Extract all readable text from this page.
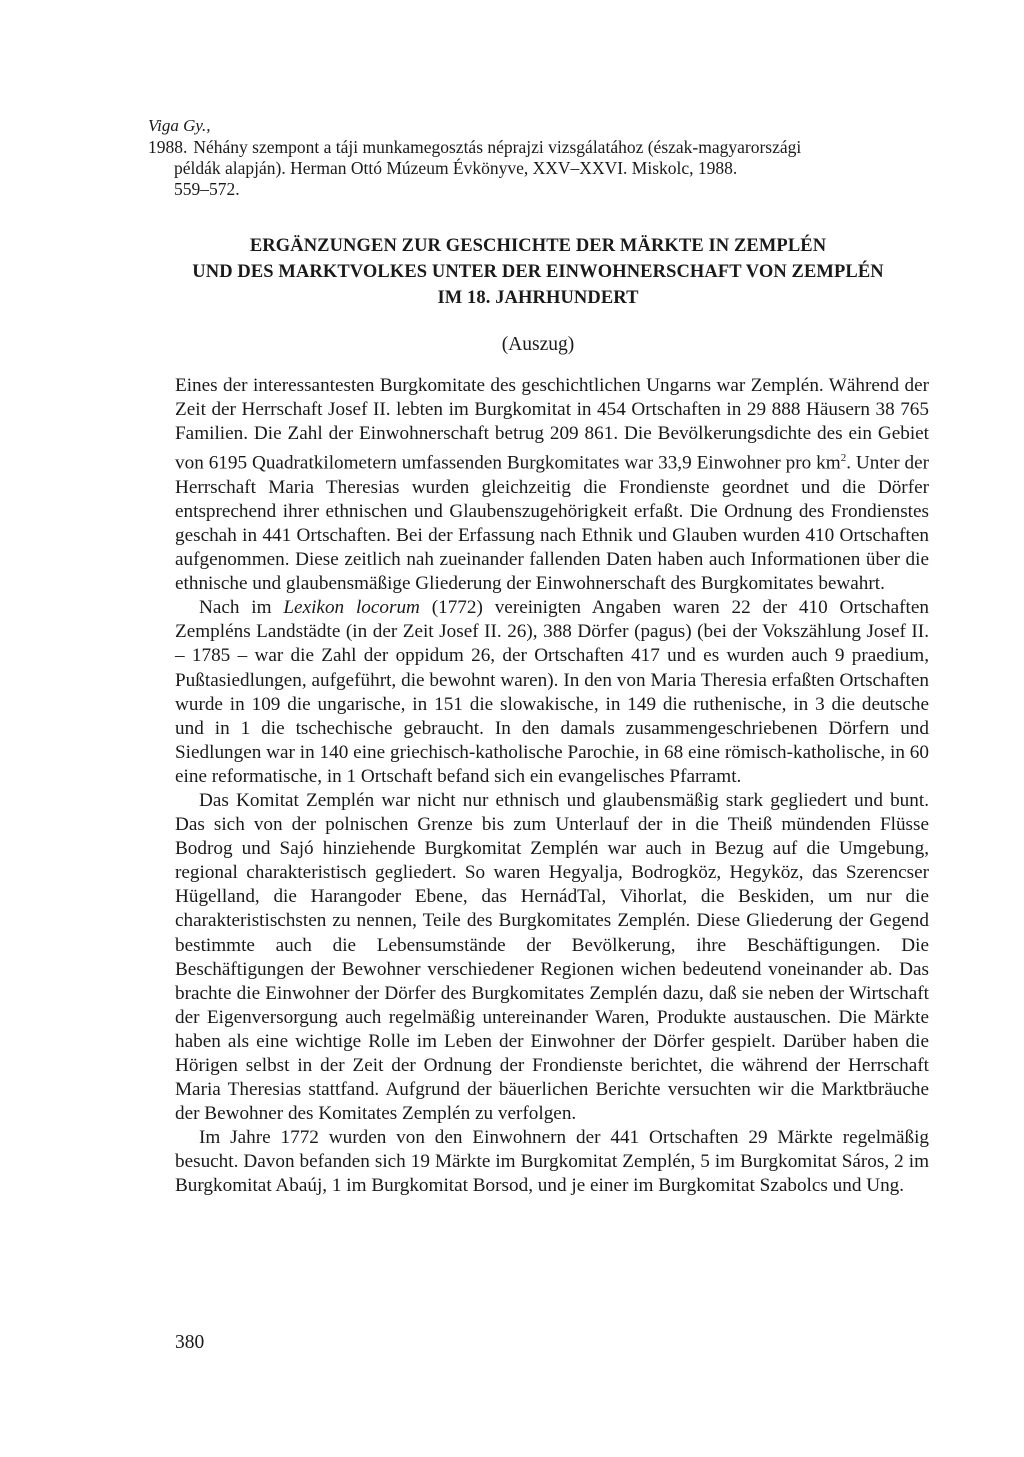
Viga Gy.,

1988. Néhány szempont a táji munkamegosztás néprajzi vizsgálatához (észak-magyarországi

példák alapján). Herman Ottó Múzeum Évkönyve, XXV–XXVI. Miskolc, 1988.

559–572.

ERGÄNZUNGEN ZUR GESCHICHTE DER MÄRKTE IN ZEMPLÉN
UND DES MARKTVOLKES UNTER DER EINWOHNERSCHAFT VON ZEMPLÉN
IM 18. JAHRHUNDERT

(Auszug)

Eines der interessantesten Burgkomitate des geschichtlichen Ungarns war Zemplén. Während der Zeit der Herrschaft Josef II. lebten im Burgkomitat in 454 Ortschaften in 29 888 Häusern 38 765 Familien. Die Zahl der Einwohnerschaft betrug 209 861. Die Bevölkerungsdichte des ein Gebiet von 6195 Quadratkilometern umfassenden Burgkomitates war 33,9 Einwohner pro $km^2$. Unter der Herrschaft Maria Theresias wurden gleichzeitig die Frondienste geordnet und die Dörfer entsprechend ihrer ethnischen und Glaubenszugehörigkeit erfaßt. Die Ordnung des Frondienstes geschah in 441 Ortschaften. Bei der Erfassung nach Ethnik und Glauben wurden 410 Ortschaften aufgenommen. Diese zeitlich nah zueinander fallenden Daten haben auch Informationen über die ethnische und glaubensmäßige Gliederung der Einwohnerschaft des Burgkomitates bewahrt.

Nach im Lexikon locorum (1772) vereinigten Angaben waren 22 der 410 Ortschaften Zempléns Landstädte (in der Zeit Josef II. 26), 388 Dörfer (pagus) (bei der Vokszählung Josef II. – 1785 – war die Zahl der oppidum 26, der Ortschaften 417 und es wurden auch 9 praedium, Pußtasiedlungen, aufgeführt, die bewohnt waren). In den von Maria Theresia erfaßten Ortschaften wurde in 109 die ungarische, in 151 die slowakische, in 149 die ruthenische, in 3 die deutsche und in 1 die tschechische gebraucht. In den damals zusammengeschriebenen Dörfern und Siedlungen war in 140 eine griechisch-katholische Parochie, in 68 eine römisch-katholische, in 60 eine reformatische, in 1 Ortschaft befand sich ein evangelisches Pfarramt.

Das Komitat Zemplén war nicht nur ethnisch und glaubensmäßig stark gegliedert und bunt. Das sich von der polnischen Grenze bis zum Unterlauf der in die Theiß mündenden Flüsse Bodrog und Sajó hinziehende Burgkomitat Zemplén war auch in Bezug auf die Umgebung, regional charakteristisch gegliedert. So waren Hegyalja, Bodrogköz, Hegyköz, das Szerencser Hügelland, die Harangoder Ebene, das HernádTal, Vihorlat, die Beskiden, um nur die charakteristischsten zu nennen, Teile des Burgkomitates Zemplén. Diese Gliederung der Gegend bestimmte auch die Lebensumstände der Bevölkerung, ihre Beschäftigungen. Die Beschäftigungen der Bewohner verschiedener Regionen wichen bedeutend voneinander ab. Das brachte die Einwohner der Dörfer des Burgkomitates Zemplén dazu, daß sie neben der Wirtschaft der Eigenversorgung auch regelmäßig untereinander Waren, Produkte austauschen. Die Märkte haben als eine wichtige Rolle im Leben der Einwohner der Dörfer gespielt. Darüber haben die Hörigen selbst in der Zeit der Ordnung der Frondienste berichtet, die während der Herrschaft Maria Theresias stattfand. Aufgrund der bäuerlichen Berichte versuchten wir die Marktbräuche der Bewohner des Komitates Zemplén zu verfolgen.

Im Jahre 1772 wurden von den Einwohnern der 441 Ortschaften 29 Märkte regelmäßig besucht. Davon befanden sich 19 Märkte im Burgkomitat Zemplén, 5 im Burgkomitat Sáros, 2 im Burgkomitat Abaúj, 1 im Burgkomitat Borsod, und je einer im Burgkomitat Szabolcs und Ung.

380
